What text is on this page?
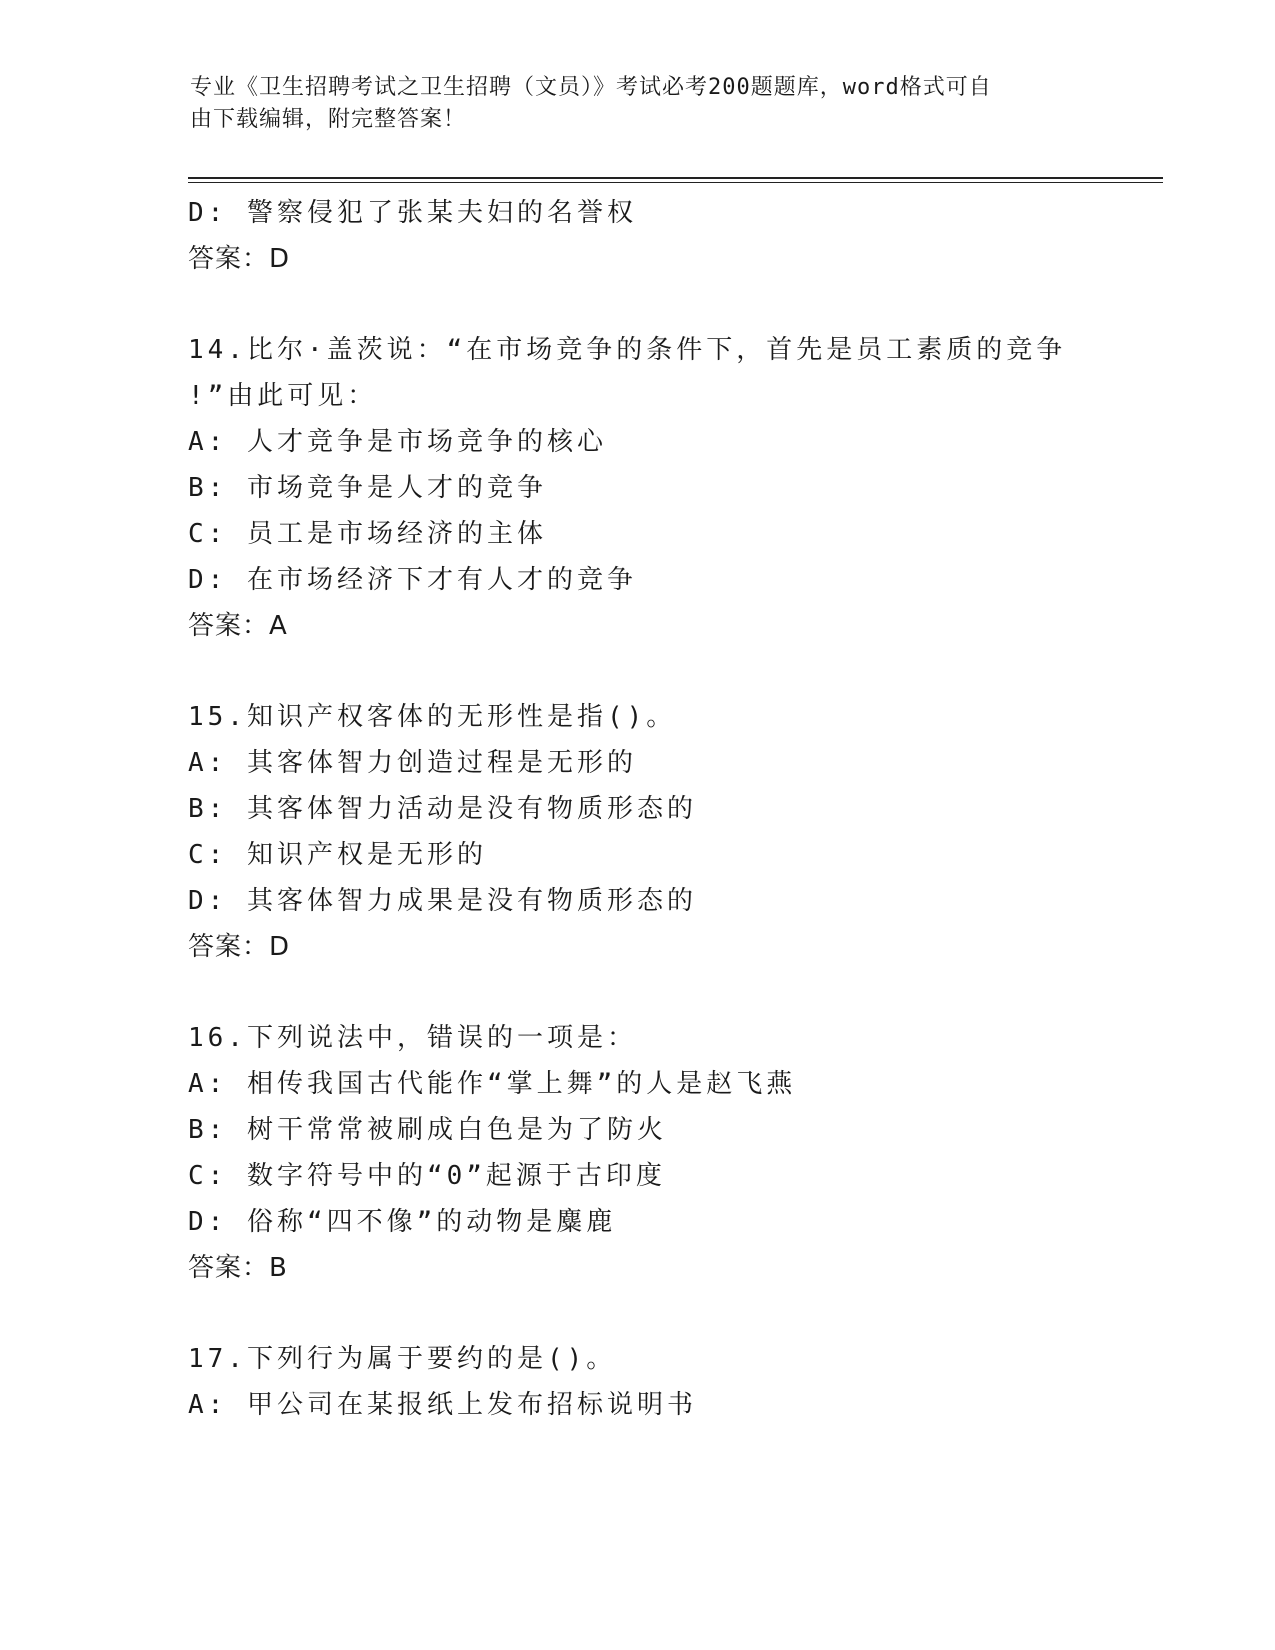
专业《卫生招聘考试之卫生招聘（文员）》考试必考200题题库，word格式可自
由下载编辑，附完整答案！
D: 警察侵犯了张某夫妇的名誉权
答案：D
14.比尔·盖茨说：“在市场竞争的条件下，首先是员工素质的竞争
!”由此可见：
A: 人才竞争是市场竞争的核心
B: 市场竞争是人才的竞争
C: 员工是市场经济的主体
D: 在市场经济下才有人才的竞争
答案：A
15.知识产权客体的无形性是指()。
A: 其客体智力创造过程是无形的
B: 其客体智力活动是没有物质形态的
C: 知识产权是无形的
D: 其客体智力成果是没有物质形态的
答案：D
16.下列说法中，错误的一项是：
A: 相传我国古代能作“掌上舞”的人是赵飞燕
B: 树干常常被刷成白色是为了防火
C: 数字符号中的“0”起源于古印度
D: 俗称“四不像”的动物是麋鹿
答案：B
17.下列行为属于要约的是()。
A: 甲公司在某报纸上发布招标说明书
